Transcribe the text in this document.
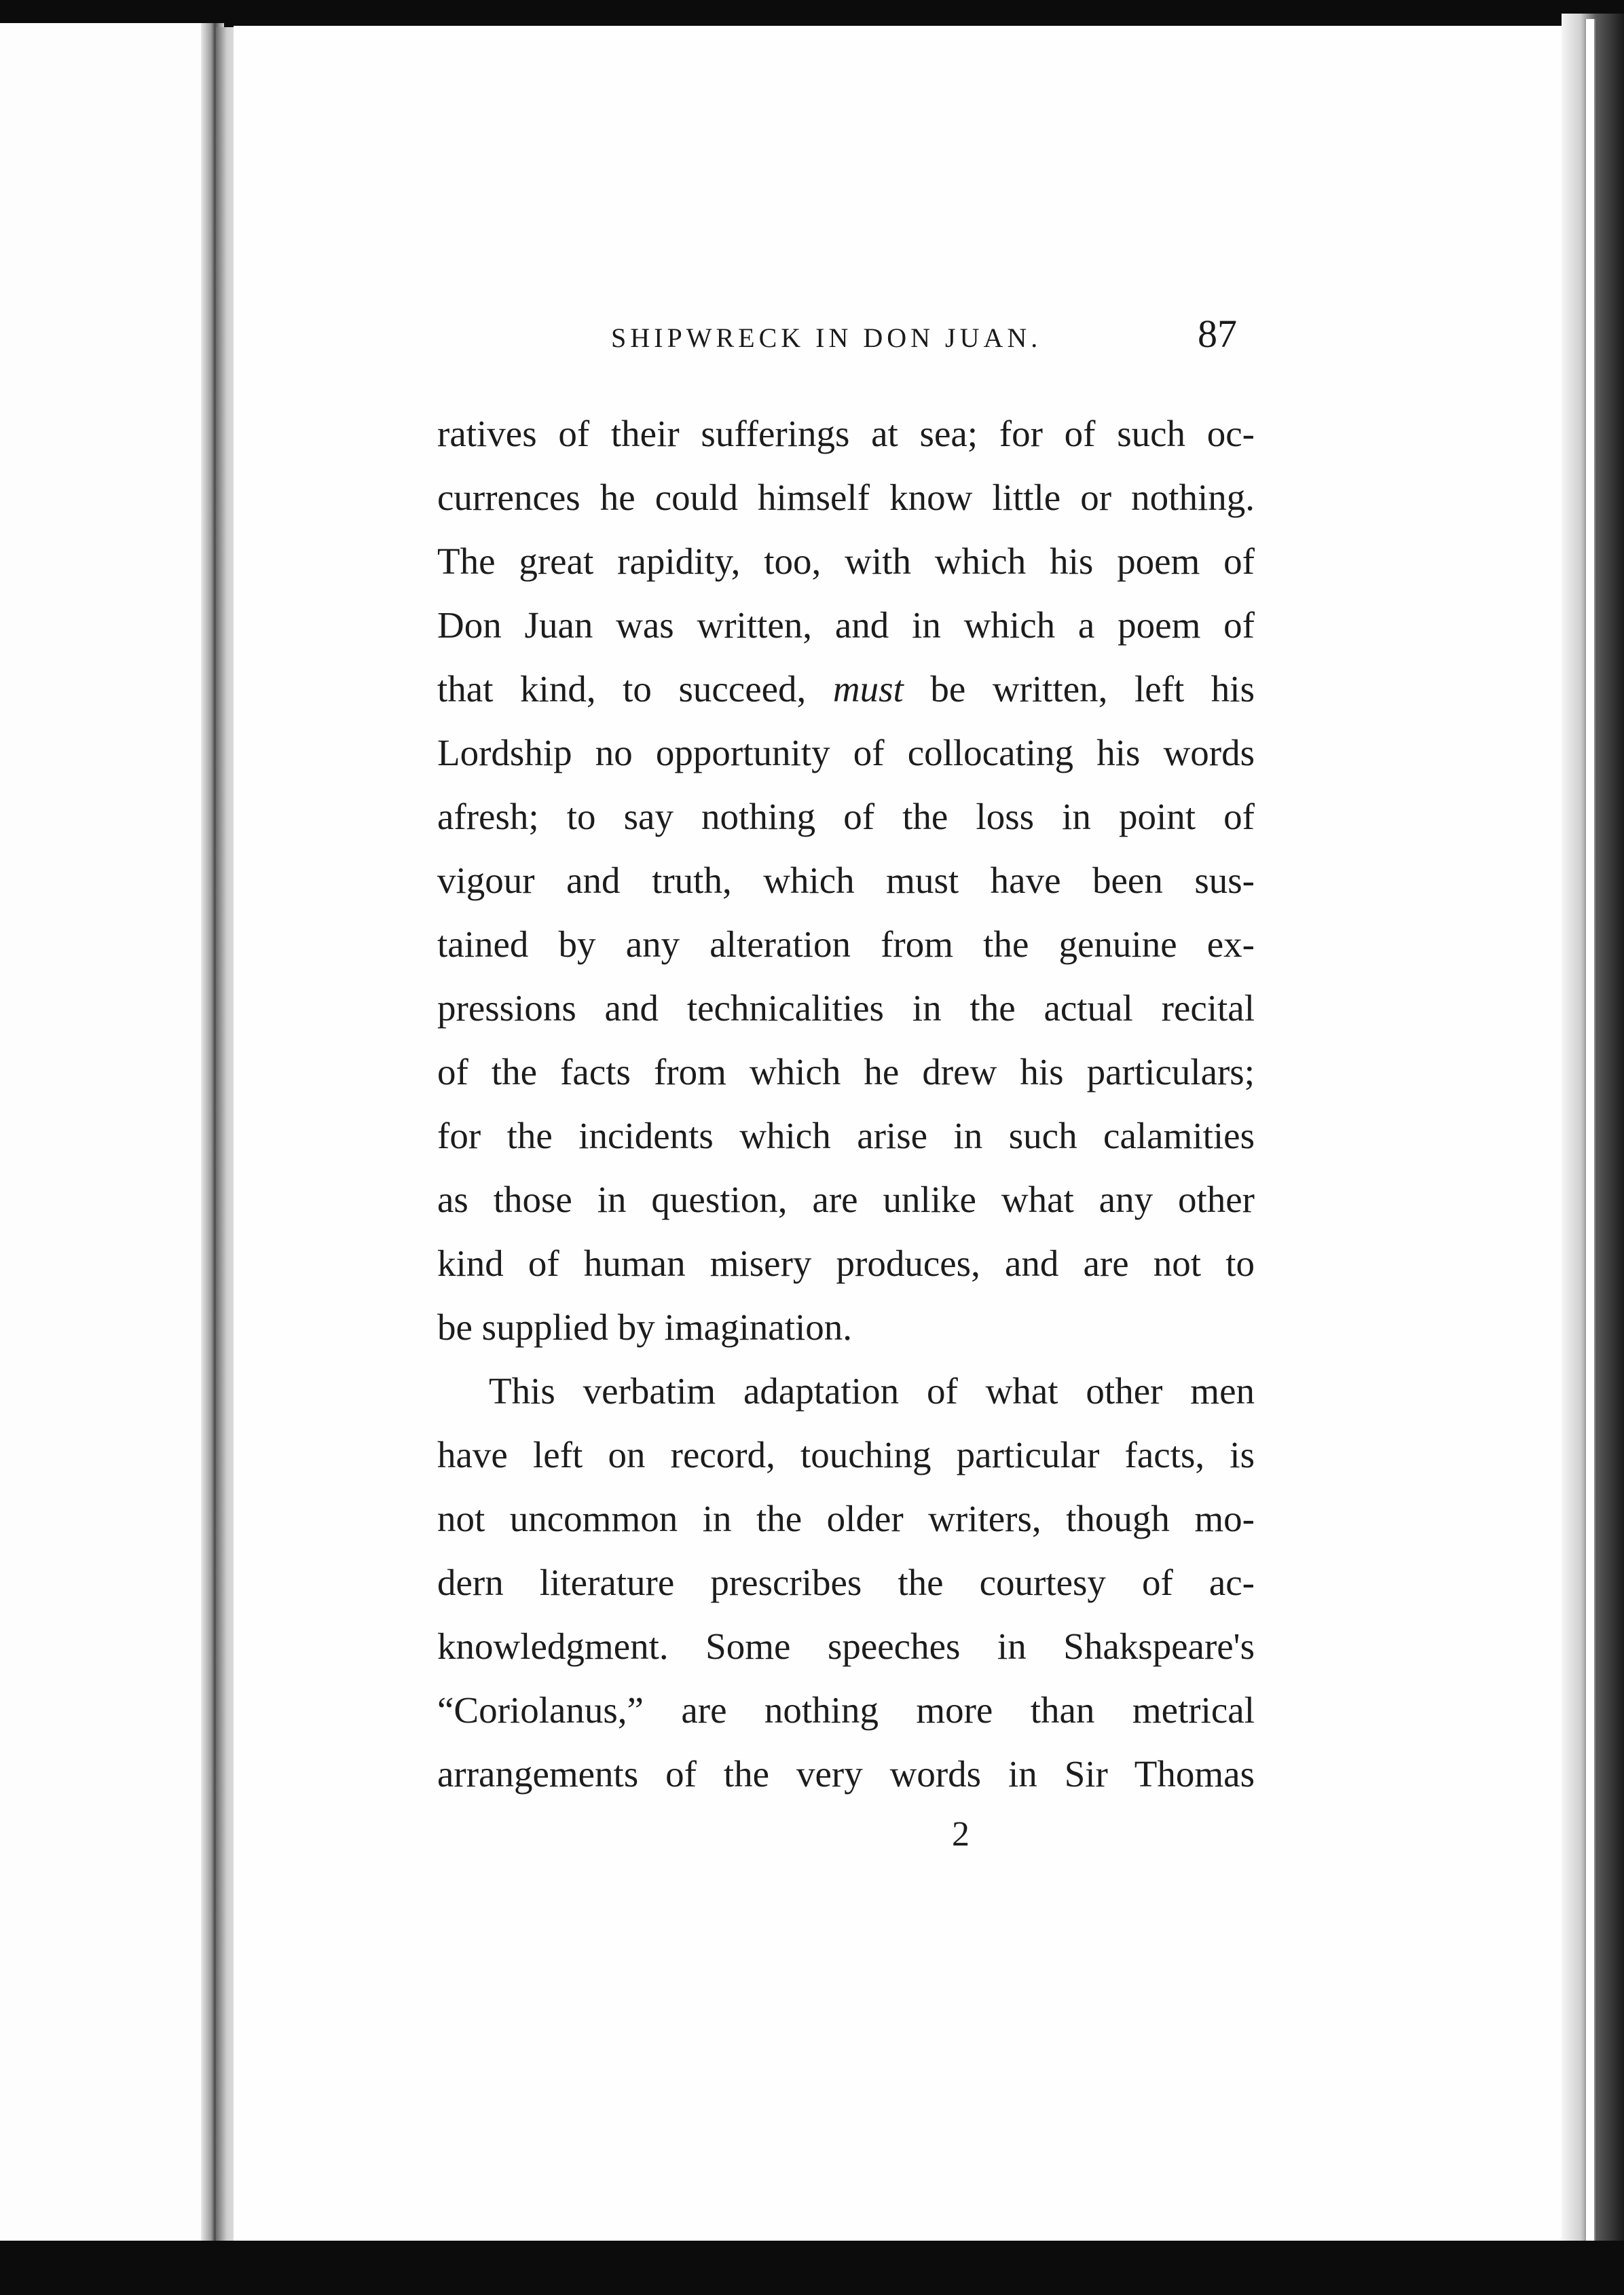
SHIPWRECK IN DON JUAN.	87
ratives of their sufferings at sea; for of such oc-
currences he could himself know little or nothing.
The great rapidity, too, with which his poem of
Don Juan was written, and in which a poem of
that kind, to succeed, must be written, left his
Lordship no opportunity of collocating his words
afresh; to say nothing of the loss in point of
vigour and truth, which must have been sus-
tained by any alteration from the genuine ex-
pressions and technicalities in the actual recital
of the facts from which he drew his particulars;
for the incidents which arise in such calamities
as those in question, are unlike what any other
kind of human misery produces, and are not to
be supplied by imagination.
This verbatim adaptation of what other men
have left on record, touching particular facts, is
not uncommon in the older writers, though mo-
dern literature prescribes the courtesy of ac-
knowledgment. Some speeches in Shakspeare's
“Coriolanus,” are nothing more than metrical
arrangements of the very words in Sir Thomas
2
